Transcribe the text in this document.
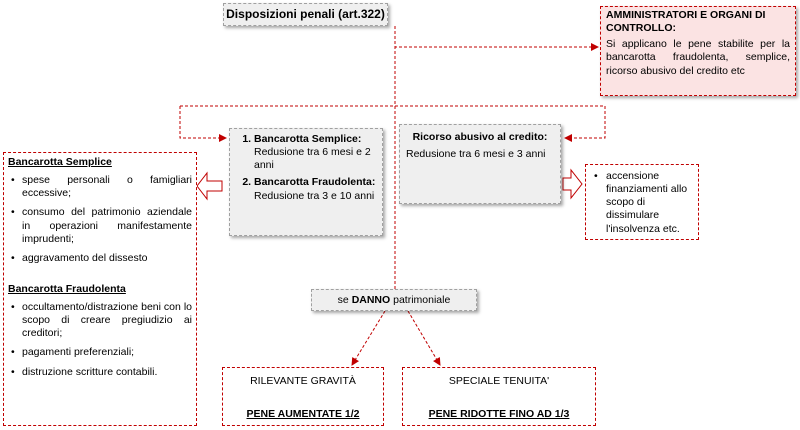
Disposizioni penali (art.322)	AMMINISTRATORI E ORGANI DI CONTROLLO:
Si applicano le pene stabilite per la bancarotta fraudolenta, semplice, ricorso abusivo del credito etc
1. Bancarotta Semplice: Redusione tra 6 mesi e 2 anni
2. Bancarotta Fraudolenta:
Redusione tra 3 e 10 anni
Ricorso abusivo al credito:
Redusione tra 6 mesi e 3 anni
Bancarotta Semplice
• spese personali o famigliari eccessive;
• consumo del patrimonio aziendale in operazioni manifestamente imprudenti;
• aggravamento del dissesto
Bancarotta Fraudolenta
• occultamento/distrazione beni con lo scopo di creare pregiudizio ai creditori;
• pagamenti preferenziali;
• distruzione scritture contabili.
• accensione finanziamenti allo scopo di dissimulare l'insolvenza etc.
se DANNO patrimoniale
RILEVANTE GRAVITÀ
PENE AUMENTATE 1/2
SPECIALE TENUITA'
PENE RIDOTTE FINO AD 1/3
